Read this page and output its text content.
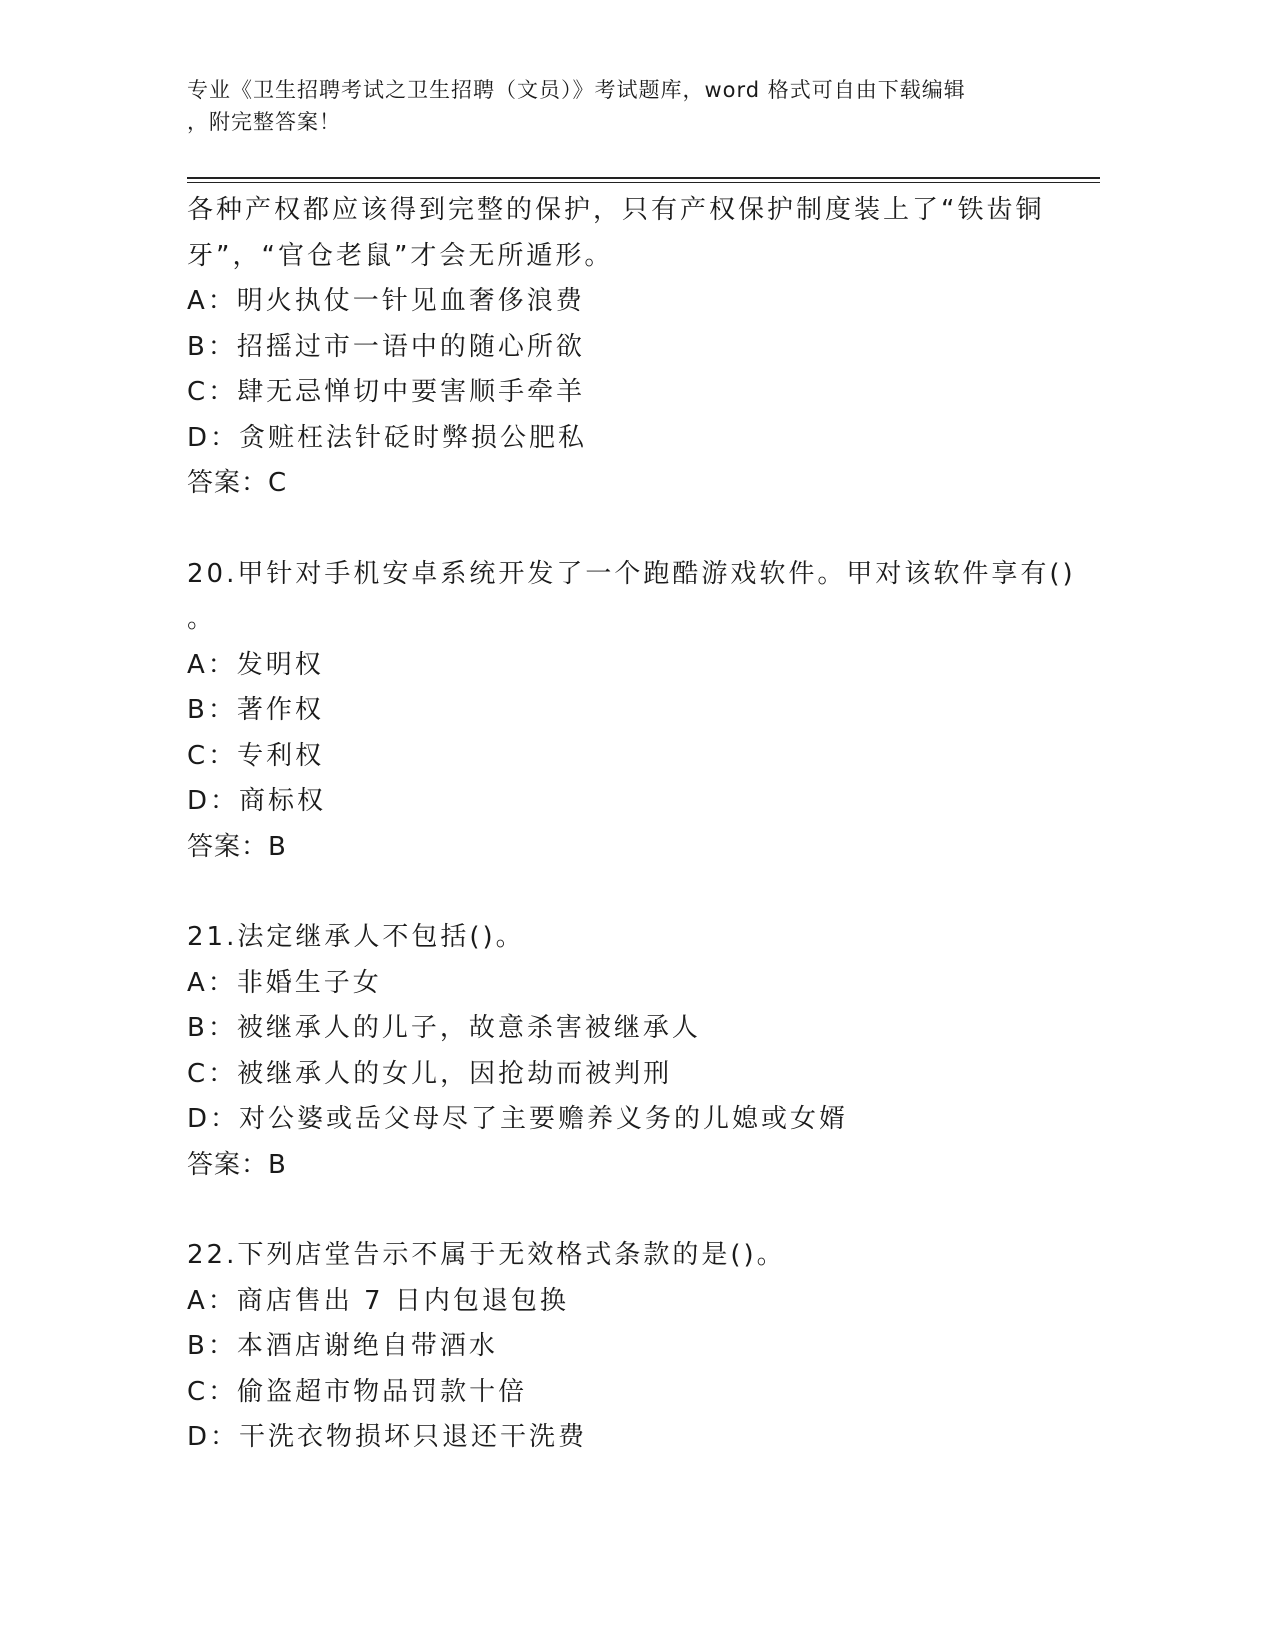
专业《卫生招聘考试之卫生招聘（文员）》考试题库，word 格式可自由下载编辑
，附完整答案！
各种产权都应该得到完整的保护，只有产权保护制度装上了“铁齿铜
牙”，“官仓老鼠”才会无所遁形。
A：明火执仗一针见血奢侈浪费
B：招摇过市一语中的随心所欲
C：肆无忌惮切中要害顺手牵羊
D：贪赃枉法针砭时弊损公肥私
答案：C
20.甲针对手机安卓系统开发了一个跑酷游戏软件。甲对该软件享有()
。
A：发明权
B：著作权
C：专利权
D：商标权
答案：B
21.法定继承人不包括()。
A：非婚生子女
B：被继承人的儿子，故意杀害被继承人
C：被继承人的女儿，因抢劫而被判刑
D：对公婆或岳父母尽了主要赡养义务的儿媳或女婿
答案：B
22.下列店堂告示不属于无效格式条款的是()。
A：商店售出 7 日内包退包换
B：本酒店谢绝自带酒水
C：偷盗超市物品罚款十倍
D：干洗衣物损坏只退还干洗费
